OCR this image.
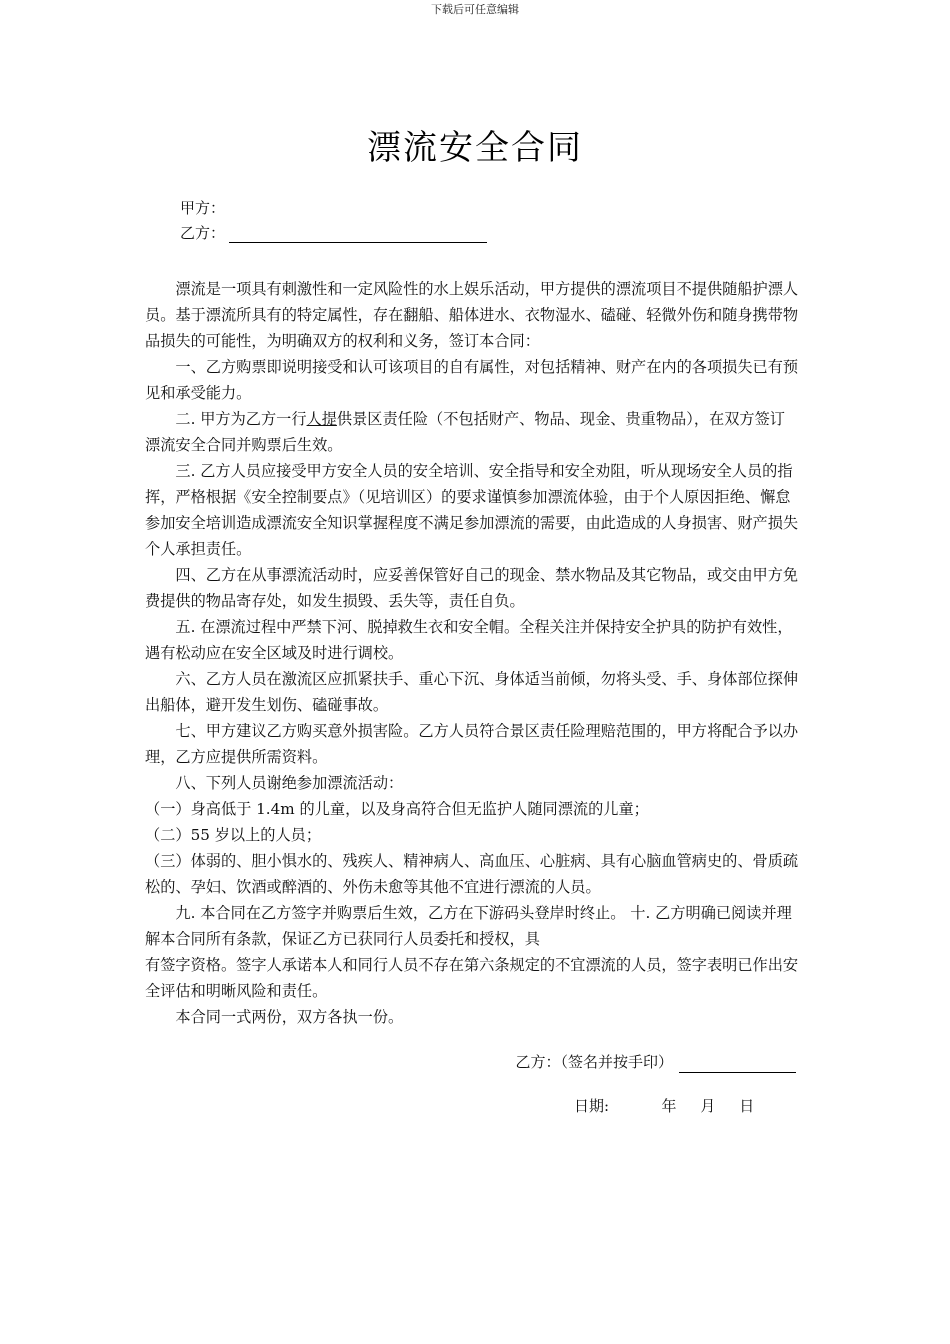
下载后可任意编辑
漂流安全合同
甲方：
乙方：

漂流是一项具有刺激性和一定风险性的水上娱乐活动，甲方提供的漂流项目不提供随船护漂人员。基于漂流所具有的特定属性，存在翻船、船体进水、衣物湿水、磕碰、轻微外伤和随身携带物品损失的可能性，为明确双方的权利和义务，签订本合同：

一、乙方购票即说明接受和认可该项目的自有属性，对包括精神、财产在内的各项损失已有预见和承受能力。

二. 甲方为乙方一行人提供景区责任险（不包括财产、物品、现金、贵重物品），在双方签订漂流安全合同并购票后生效。

三. 乙方人员应接受甲方安全人员的安全培训、安全指导和安全劝阻，听从现场安全人员的指挥，严格根据《安全控制要点》（见培训区）的要求谨慎参加漂流体验，由于个人原因拒绝、懈怠参加安全培训造成漂流安全知识掌握程度不满足参加漂流的需要，由此造成的人身损害、财产损失个人承担责任。

四、乙方在从事漂流活动时，应妥善保管好自己的现金、禁水物品及其它物品，或交由甲方免费提供的物品寄存处，如发生损毁、丢失等，责任自负。

五. 在漂流过程中严禁下河、脱掉救生衣和安全帽。全程关注并保持安全护具的防护有效性，遇有松动应在安全区域及时进行调校。

六、乙方人员在激流区应抓紧扶手、重心下沉、身体适当前倾，勿将头受、手、身体部位探伸出船体，避开发生划伤、磕碰事故。

七、甲方建议乙方购买意外损害险。乙方人员符合景区责任险理赔范围的，甲方将配合予以办理，乙方应提供所需资料。

八、下列人员谢绝参加漂流活动：

（一）身高低于 1.4m 的儿童，以及身高符合但无监护人随同漂流的儿童；

（二）55 岁以上的人员；

（三）体弱的、胆小惧水的、残疾人、精神病人、高血压、心脏病、具有心脑血管病史的、骨质疏松的、孕妇、饮酒或醉酒的、外伤未愈等其他不宜进行漂流的人员。

九. 本合同在乙方签字并购票后生效，乙方在下游码头登岸时终止。 十. 乙方明确已阅读并理解本合同所有条款，保证乙方已获同行人员委托和授权，具

有签字资格。签字人承诺本人和同行人员不存在第六条规定的不宜漂流的人员，签字表明已作出安全评估和明晰风险和责任。

本合同一式两份，双方各执一份。

乙方：（签名并按手印）
日期:	年 月 日
